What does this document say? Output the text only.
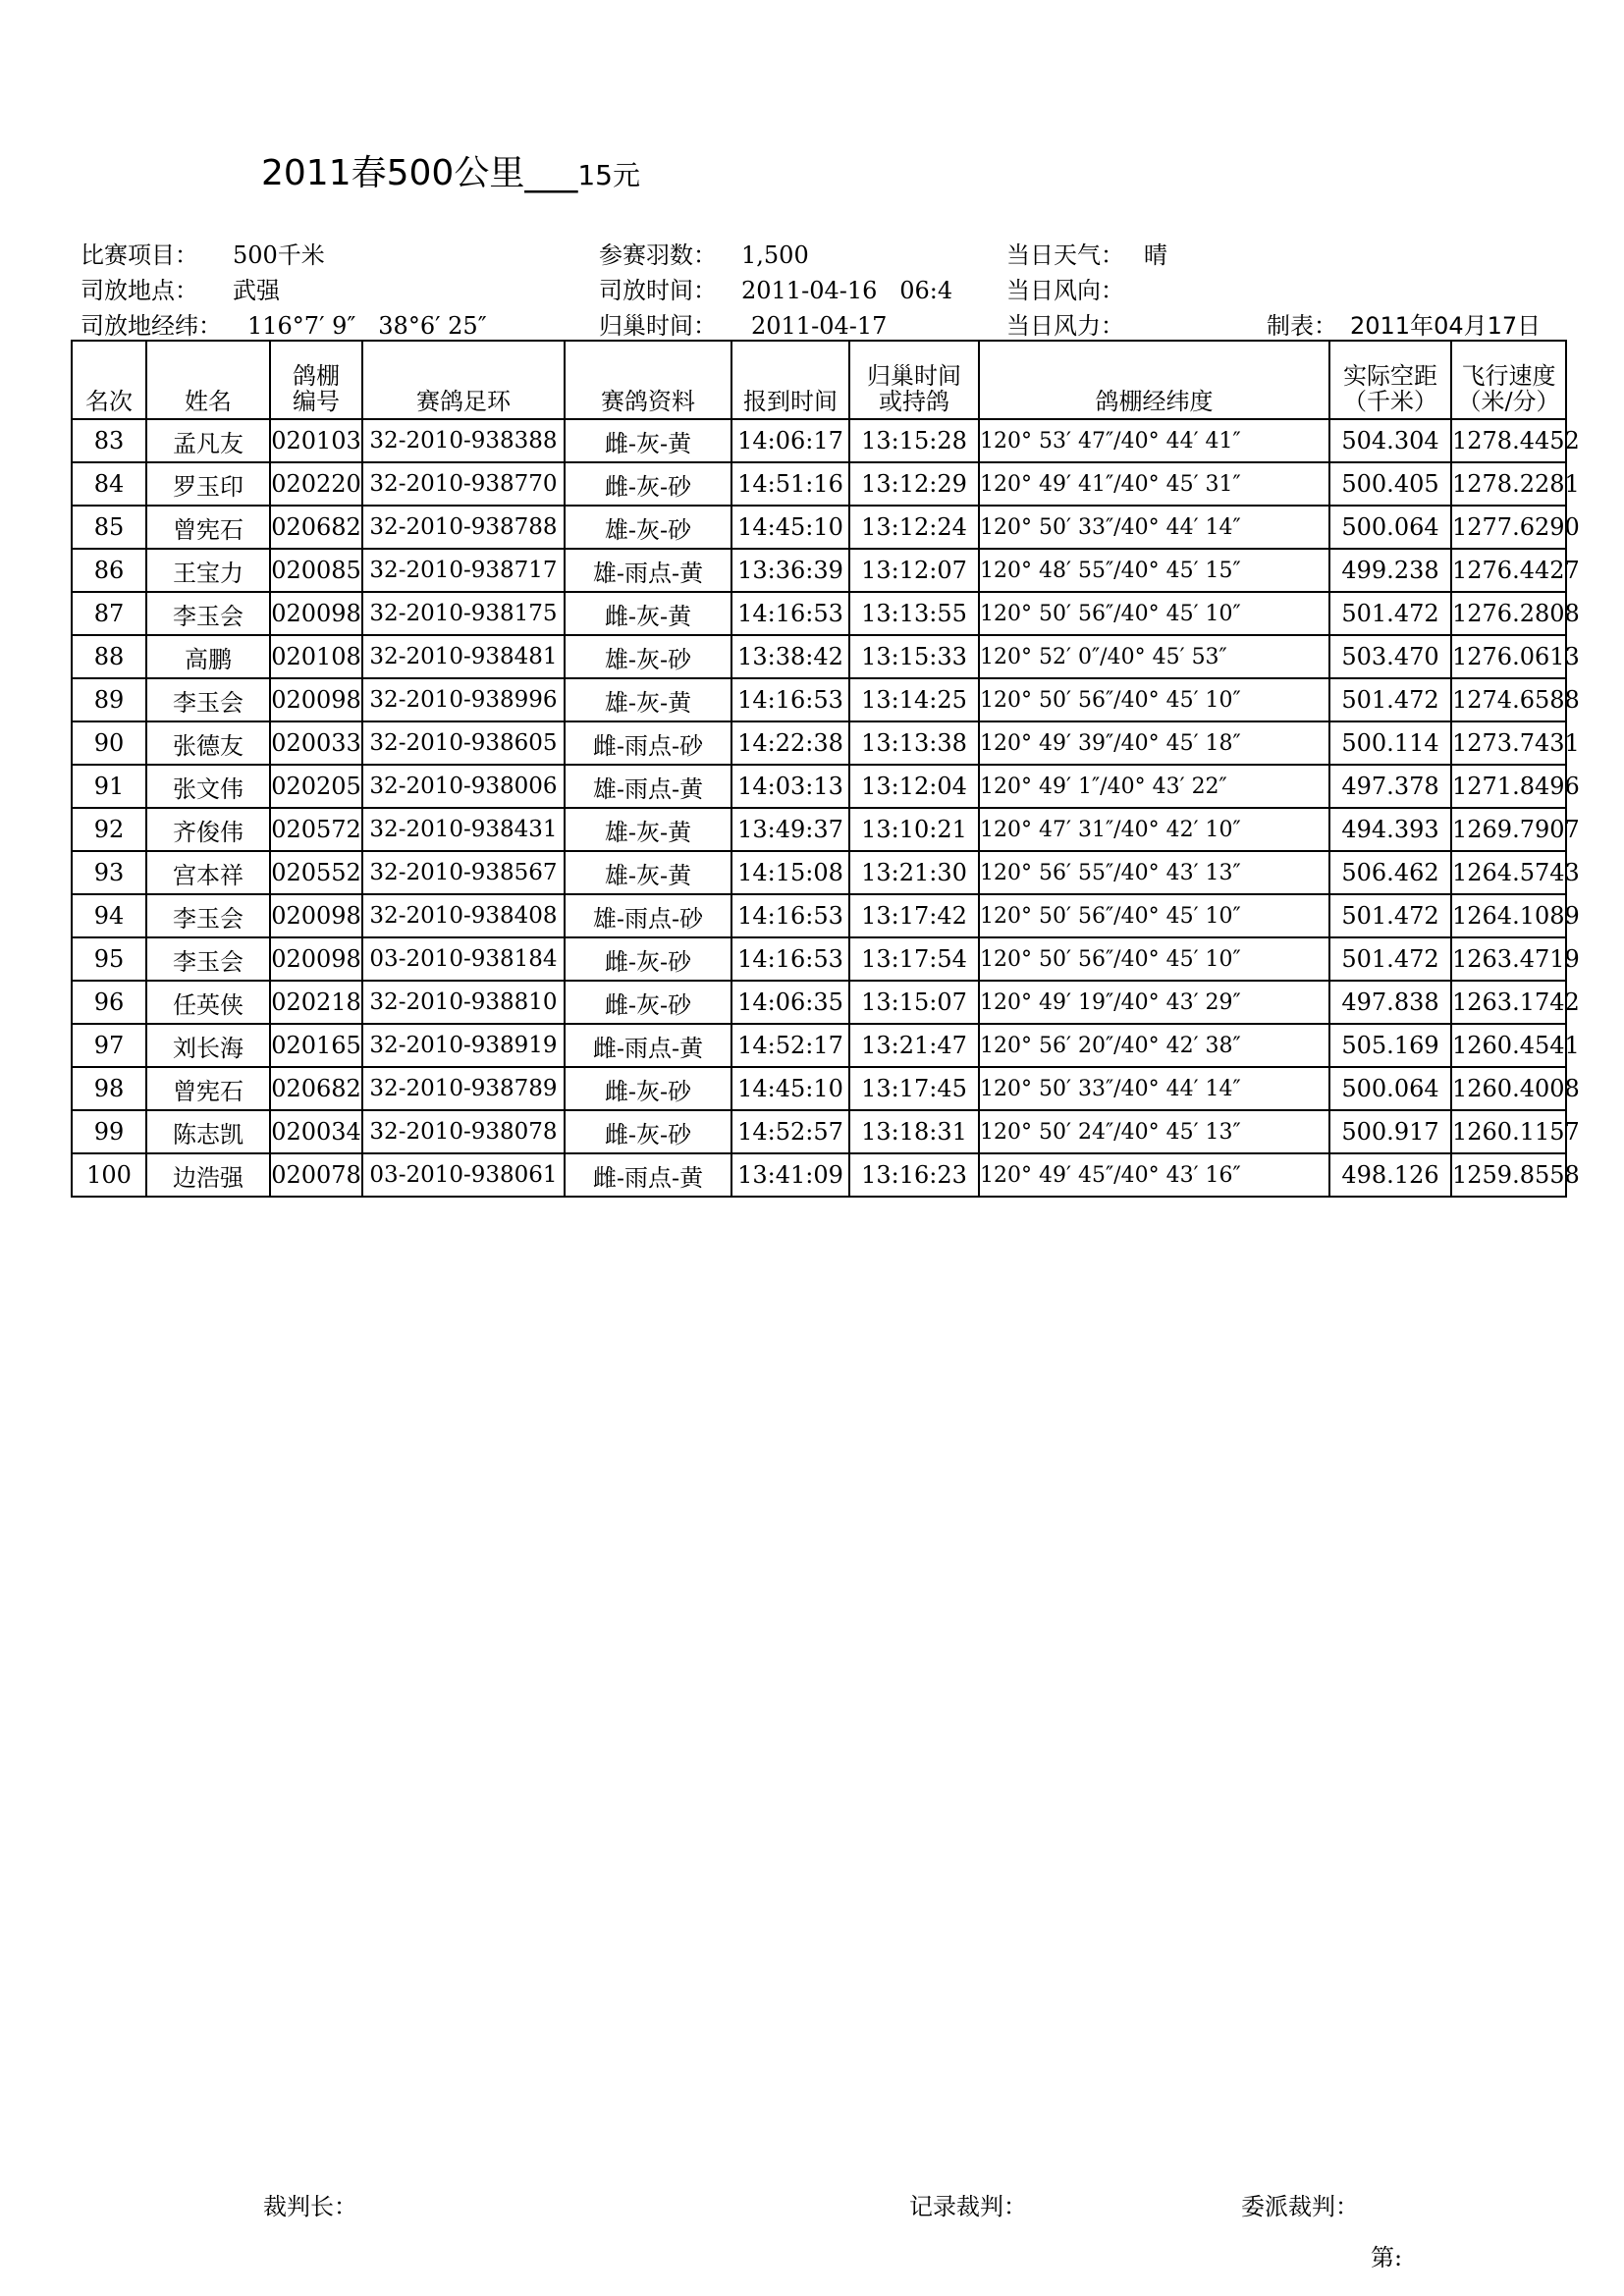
2011春500公里___15元
比赛项目： 500千米	参赛羽数： 1,500	当日天气： 晴
司放地点： 武强	司放时间： 2011-04-16   06:4 当日风向：
司放地经纬： 116°7′ 9″   38°6′ 25″	归巢时间： 2011-04-17	当日风力：	制表： 2011年04月17日
名次	姓名	鸽棚
编号	赛鸽足环	赛鸽资料	报到时间	归巢时间
或持鸽	鸽棚经纬度	实际空距
（千米）	飞行速度
（米/分）
83	孟凡友	020103	32-2010-938388	雌-灰-黄	14:06:17	13:15:28	120° 53′ 47″/40° 44′ 41″	504.304	1278.4452
84	罗玉印	020220	32-2010-938770	雌-灰-砂	14:51:16	13:12:29	120° 49′ 41″/40° 45′ 31″	500.405	1278.2281
85	曾宪石	020682	32-2010-938788	雄-灰-砂	14:45:10	13:12:24	120° 50′ 33″/40° 44′ 14″	500.064	1277.6290
86	王宝力	020085	32-2010-938717	雄-雨点-黄	13:36:39	13:12:07	120° 48′ 55″/40° 45′ 15″	499.238	1276.4427
87	李玉会	020098	32-2010-938175	雌-灰-黄	14:16:53	13:13:55	120° 50′ 56″/40° 45′ 10″	501.472	1276.2808
88	高鹏	020108	32-2010-938481	雄-灰-砂	13:38:42	13:15:33	120° 52′ 0″/40° 45′ 53″	503.470	1276.0613
89	李玉会	020098	32-2010-938996	雄-灰-黄	14:16:53	13:14:25	120° 50′ 56″/40° 45′ 10″	501.472	1274.6588
90	张德友	020033	32-2010-938605	雌-雨点-砂	14:22:38	13:13:38	120° 49′ 39″/40° 45′ 18″	500.114	1273.7431
91	张文伟	020205	32-2010-938006	雄-雨点-黄	14:03:13	13:12:04	120° 49′ 1″/40° 43′ 22″	497.378	1271.8496
92	齐俊伟	020572	32-2010-938431	雄-灰-黄	13:49:37	13:10:21	120° 47′ 31″/40° 42′ 10″	494.393	1269.7907
93	宫本祥	020552	32-2010-938567	雄-灰-黄	14:15:08	13:21:30	120° 56′ 55″/40° 43′ 13″	506.462	1264.5743
94	李玉会	020098	32-2010-938408	雄-雨点-砂	14:16:53	13:17:42	120° 50′ 56″/40° 45′ 10″	501.472	1264.1089
95	李玉会	020098	03-2010-938184	雌-灰-砂	14:16:53	13:17:54	120° 50′ 56″/40° 45′ 10″	501.472	1263.4719
96	任英侠	020218	32-2010-938810	雌-灰-砂	14:06:35	13:15:07	120° 49′ 19″/40° 43′ 29″	497.838	1263.1742
97	刘长海	020165	32-2010-938919	雌-雨点-黄	14:52:17	13:21:47	120° 56′ 20″/40° 42′ 38″	505.169	1260.4541
98	曾宪石	020682	32-2010-938789	雌-灰-砂	14:45:10	13:17:45	120° 50′ 33″/40° 44′ 14″	500.064	1260.4008
99	陈志凯	020034	32-2010-938078	雌-灰-砂	14:52:57	13:18:31	120° 50′ 24″/40° 45′ 13″	500.917	1260.1157
100	边浩强	020078	03-2010-938061	雌-雨点-黄	13:41:09	13:16:23	120° 49′ 45″/40° 43′ 16″	498.126	1259.8558
裁判长：	记录裁判：	委派裁判：
第:
